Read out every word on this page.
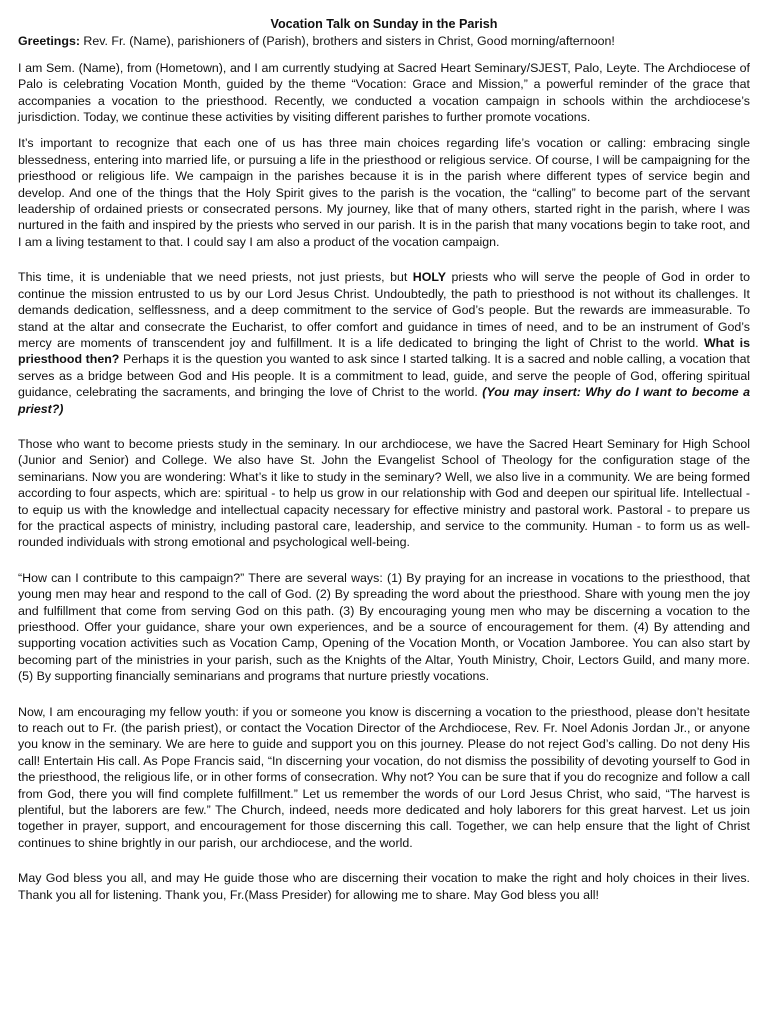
Vocation Talk on Sunday in the Parish
Greetings: Rev. Fr. (Name), parishioners of (Parish), brothers and sisters in Christ, Good morning/afternoon!

I am Sem. (Name), from (Hometown), and I am currently studying at Sacred Heart Seminary/SJEST, Palo, Leyte. The Archdiocese of Palo is celebrating Vocation Month, guided by the theme “Vocation: Grace and Mission,” a powerful reminder of the grace that accompanies a vocation to the priesthood. Recently, we conducted a vocation campaign in schools within the archdiocese’s jurisdiction. Today, we continue these activities by visiting different parishes to further promote vocations.

It’s important to recognize that each one of us has three main choices regarding life’s vocation or calling: embracing single blessedness, entering into married life, or pursuing a life in the priesthood or religious service. Of course, I will be campaigning for the priesthood or religious life. We campaign in the parishes because it is in the parish where different types of service begin and develop. And one of the things that the Holy Spirit gives to the parish is the vocation, the “calling” to become part of the servant leadership of ordained priests or consecrated persons. My journey, like that of many others, started right in the parish, where I was nurtured in the faith and inspired by the priests who served in our parish. It is in the parish that many vocations begin to take root, and I am a living testament to that. I could say I am also a product of the vocation campaign.

This time, it is undeniable that we need priests, not just priests, but HOLY priests who will serve the people of God in order to continue the mission entrusted to us by our Lord Jesus Christ. Undoubtedly, the path to priesthood is not without its challenges. It demands dedication, selflessness, and a deep commitment to the service of God’s people. But the rewards are immeasurable. To stand at the altar and consecrate the Eucharist, to offer comfort and guidance in times of need, and to be an instrument of God’s mercy are moments of transcendent joy and fulfillment. It is a life dedicated to bringing the light of Christ to the world. What is priesthood then? Perhaps it is the question you wanted to ask since I started talking. It is a sacred and noble calling, a vocation that serves as a bridge between God and His people. It is a commitment to lead, guide, and serve the people of God, offering spiritual guidance, celebrating the sacraments, and bringing the love of Christ to the world. (You may insert: Why do I want to become a priest?)

Those who want to become priests study in the seminary. In our archdiocese, we have the Sacred Heart Seminary for High School (Junior and Senior) and College. We also have St. John the Evangelist School of Theology for the configuration stage of the seminarians. Now you are wondering: What’s it like to study in the seminary? Well, we also live in a community. We are being formed according to four aspects, which are: spiritual - to help us grow in our relationship with God and deepen our spiritual life. Intellectual - to equip us with the knowledge and intellectual capacity necessary for effective ministry and pastoral work. Pastoral - to prepare us for the practical aspects of ministry, including pastoral care, leadership, and service to the community. Human - to form us as well-rounded individuals with strong emotional and psychological well-being.

“How can I contribute to this campaign?” There are several ways: (1) By praying for an increase in vocations to the priesthood, that young men may hear and respond to the call of God. (2) By spreading the word about the priesthood. Share with young men the joy and fulfillment that come from serving God on this path. (3) By encouraging young men who may be discerning a vocation to the priesthood. Offer your guidance, share your own experiences, and be a source of encouragement for them. (4) By attending and supporting vocation activities such as Vocation Camp, Opening of the Vocation Month, or Vocation Jamboree. You can also start by becoming part of the ministries in your parish, such as the Knights of the Altar, Youth Ministry, Choir, Lectors Guild, and many more. (5) By supporting financially seminarians and programs that nurture priestly vocations.

Now, I am encouraging my fellow youth: if you or someone you know is discerning a vocation to the priesthood, please don’t hesitate to reach out to Fr. (the parish priest), or contact the Vocation Director of the Archdiocese, Rev. Fr. Noel Adonis Jordan Jr., or anyone you know in the seminary. We are here to guide and support you on this journey. Please do not reject God’s calling. Do not deny His call! Entertain His call. As Pope Francis said, “In discerning your vocation, do not dismiss the possibility of devoting yourself to God in the priesthood, the religious life, or in other forms of consecration. Why not? You can be sure that if you do recognize and follow a call from God, there you will find complete fulfillment.” Let us remember the words of our Lord Jesus Christ, who said, “The harvest is plentiful, but the laborers are few.” The Church, indeed, needs more dedicated and holy laborers for this great harvest. Let us join together in prayer, support, and encouragement for those discerning this call. Together, we can help ensure that the light of Christ continues to shine brightly in our parish, our archdiocese, and the world.

May God bless you all, and may He guide those who are discerning their vocation to make the right and holy choices in their lives. Thank you all for listening. Thank you, Fr.(Mass Presider) for allowing me to share. May God bless you all!
